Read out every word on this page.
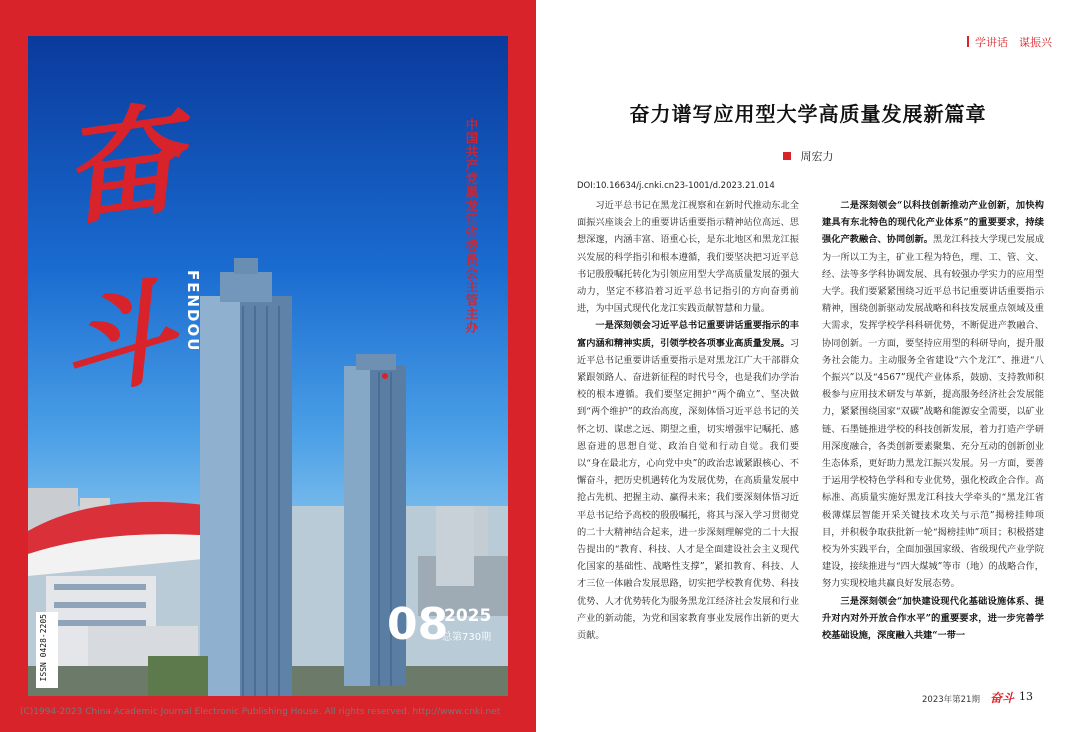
奋
斗 FENDOU	中国共产党黑龙江省委员会主管主办
08
2025
总第730期
ISSN 0428-2205
学讲话　谋振兴
奋力谱写应用型大学高质量发展新篇章
周宏力
DOI:10.16634/j.cnki.cn23-1001/d.2023.21.014

习近平总书记在黑龙江视察和在新时代推动东北全面振兴座谈会上的重要讲话重要指示精神站位高远、思想深邃，内涵丰富、语重心长，是东北地区和黑龙江振兴发展的科学指引和根本遵循，我们要坚决把习近平总书记殷殷嘱托转化为引领应用型大学高质量发展的强大动力，坚定不移沿着习近平总书记指引的方向奋勇前进，为中国式现代化龙江实践贡献智慧和力量。

一是深刻领会习近平总书记重要讲话重要指示的丰富内涵和精神实质，引领学校各项事业高质量发展。习近平总书记重要讲话重要指示是对黑龙江广大干部群众紧跟领路人、奋进新征程的时代号令，也是我们办学治校的根本遵循。我们要坚定拥护“两个确立”、坚决做到“两个维护”的政治高度，深刻体悟习近平总书记的关怀之切、谋虑之远、期望之重，切实增强牢记嘱托、感恩奋进的思想自觉、政治自觉和行动自觉。我们要以“身在最北方，心向党中央”的政治忠诚紧跟核心、不懈奋斗，把历史机遇转化为发展优势，在高质量发展中抢占先机、把握主动、赢得未来；我们要深刻体悟习近平总书记给予高校的殷殷嘱托，将其与深入学习贯彻党的二十大精神结合起来，进一步深刻理解党的二十大报告提出的“教育、科技、人才是全面建设社会主义现代化国家的基础性、战略性支撑”，紧扣教育、科技、人才三位一体融合发展思路，切实把学校教育优势、科技优势、人才优势转化为服务黑龙江经济社会发展和行业产业的新动能，为党和国家教育事业发展作出新的更大贡献。

二是深刻领会“以科技创新推动产业创新，加快构建具有东北特色的现代化产业体系”的重要要求，持续强化产教融合、协同创新。黑龙江科技大学现已发展成为一所以工为主，矿业工程为特色，理、工、管、文、经、法等多学科协调发展、具有较强办学实力的应用型大学。我们要紧紧围绕习近平总书记重要讲话重要指示精神，围绕创新驱动发展战略和科技发展重点领域及重大需求，发挥学校学科科研优势，不断促进产教融合、协同创新。一方面，要坚持应用型的科研导向，提升服务社会能力。主动服务全省建设“六个龙江”、推进“八个振兴”以及“4567”现代产业体系，鼓励、支持教师积极参与应用技术研发与革新，提高服务经济社会发展能力，紧紧围绕国家“双碳”战略和能源安全需要，以矿业链、石墨链推进学校的科技创新发展，着力打造产学研用深度融合，各类创新要素聚集、充分互动的创新创业生态体系，更好助力黑龙江振兴发展。另一方面，要善于运用学校特色学科和专业优势，强化校政企合作。高标准、高质量实施好黑龙江科技大学牵头的“黑龙江省极薄煤层智能开采关键技术攻关与示范”揭榜挂帅项目，并积极争取获批新一轮“揭榜挂帅”项目；积极搭建校为外实践平台，全面加强国家级、省级现代产业学院建设，接续推进与“四大煤城”等市（地）的战略合作，努力实现校地共赢良好发展态势。

三是深刻领会“加快建设现代化基础设施体系、提升对内对外开放合作水平”的重要要求，进一步完善学校基础设施，深度融入共建“一带一

2023年第21期 奋斗 13
(C)1994-2023 China Academic Journal Electronic Publishing House. All rights reserved. http://www.cnki.net
